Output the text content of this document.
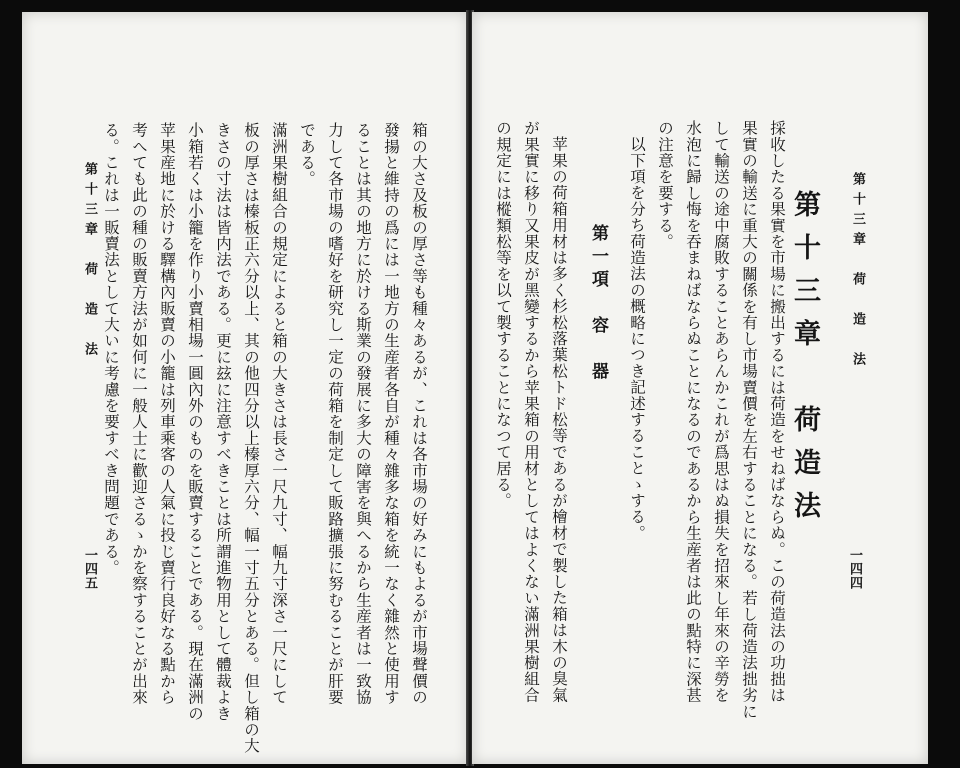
箱の大さ及板の厚さ等も種々あるが、これは各市場の好みにもよるが市場聲價の
發揚と維持の爲には一地方の生産者各自が種々雜多な箱を統一なく雜然と使用す
ることは其の地方に於ける斯業の發展に多大の障害を與へるから生産者は一致協
力して各市場の嗜好を研究し一定の荷箱を制定して販路擴張に努むることが肝要
である。
滿洲果樹組合の規定によると箱の大きさは長さ一尺九寸、幅九寸深さ一尺にして
板の厚さは榛板正六分以上、其の他四分以上榛厚六分、幅一寸五分とある。但し箱の大
きさの寸法は皆内法である。更に玆に注意すべきことは所謂進物用として體裁よき
小箱若くは小籠を作り小賣相場一圓內外のものを販賣することである。現在滿洲の
苹果産地に於ける驛構內販賣の小籠は列車乘客の人氣に投じ賣行良好なる點から
考へても此の種の販賣方法が如何に一般人士に歡迎さるゝかを察することが出來
る。これは一販賣法として大いに考慮を要すべき問題である。
第十三章　荷　造　法
一四五	一四四
第十三章　荷　造　法
第十三章　荷造法
採收したる果實を市場に搬出するには荷造をせねばならぬ。この荷造法の功拙は
果實の輸送に重大の關係を有し市場賣價を左右することになる。若し荷造法拙劣に
して輸送の途中腐敗することあらんかこれが爲思はぬ損失を招來し年來の辛勞を
水泡に歸し悔を吞まねばならぬことになるのであるから生産者は此の點特に深甚
の注意を要する。
以下項を分ち荷造法の概略につき記述することゝする。
第一項　容　器
苹果の荷箱用材は多く杉松落葉松トド松等であるが檜材で製した箱は木の臭氣
が果實に移り又果皮が黑變するから苹果箱の用材としてはよくない滿洲果樹組合
の規定には樅類松等を以て製することになつて居る。
